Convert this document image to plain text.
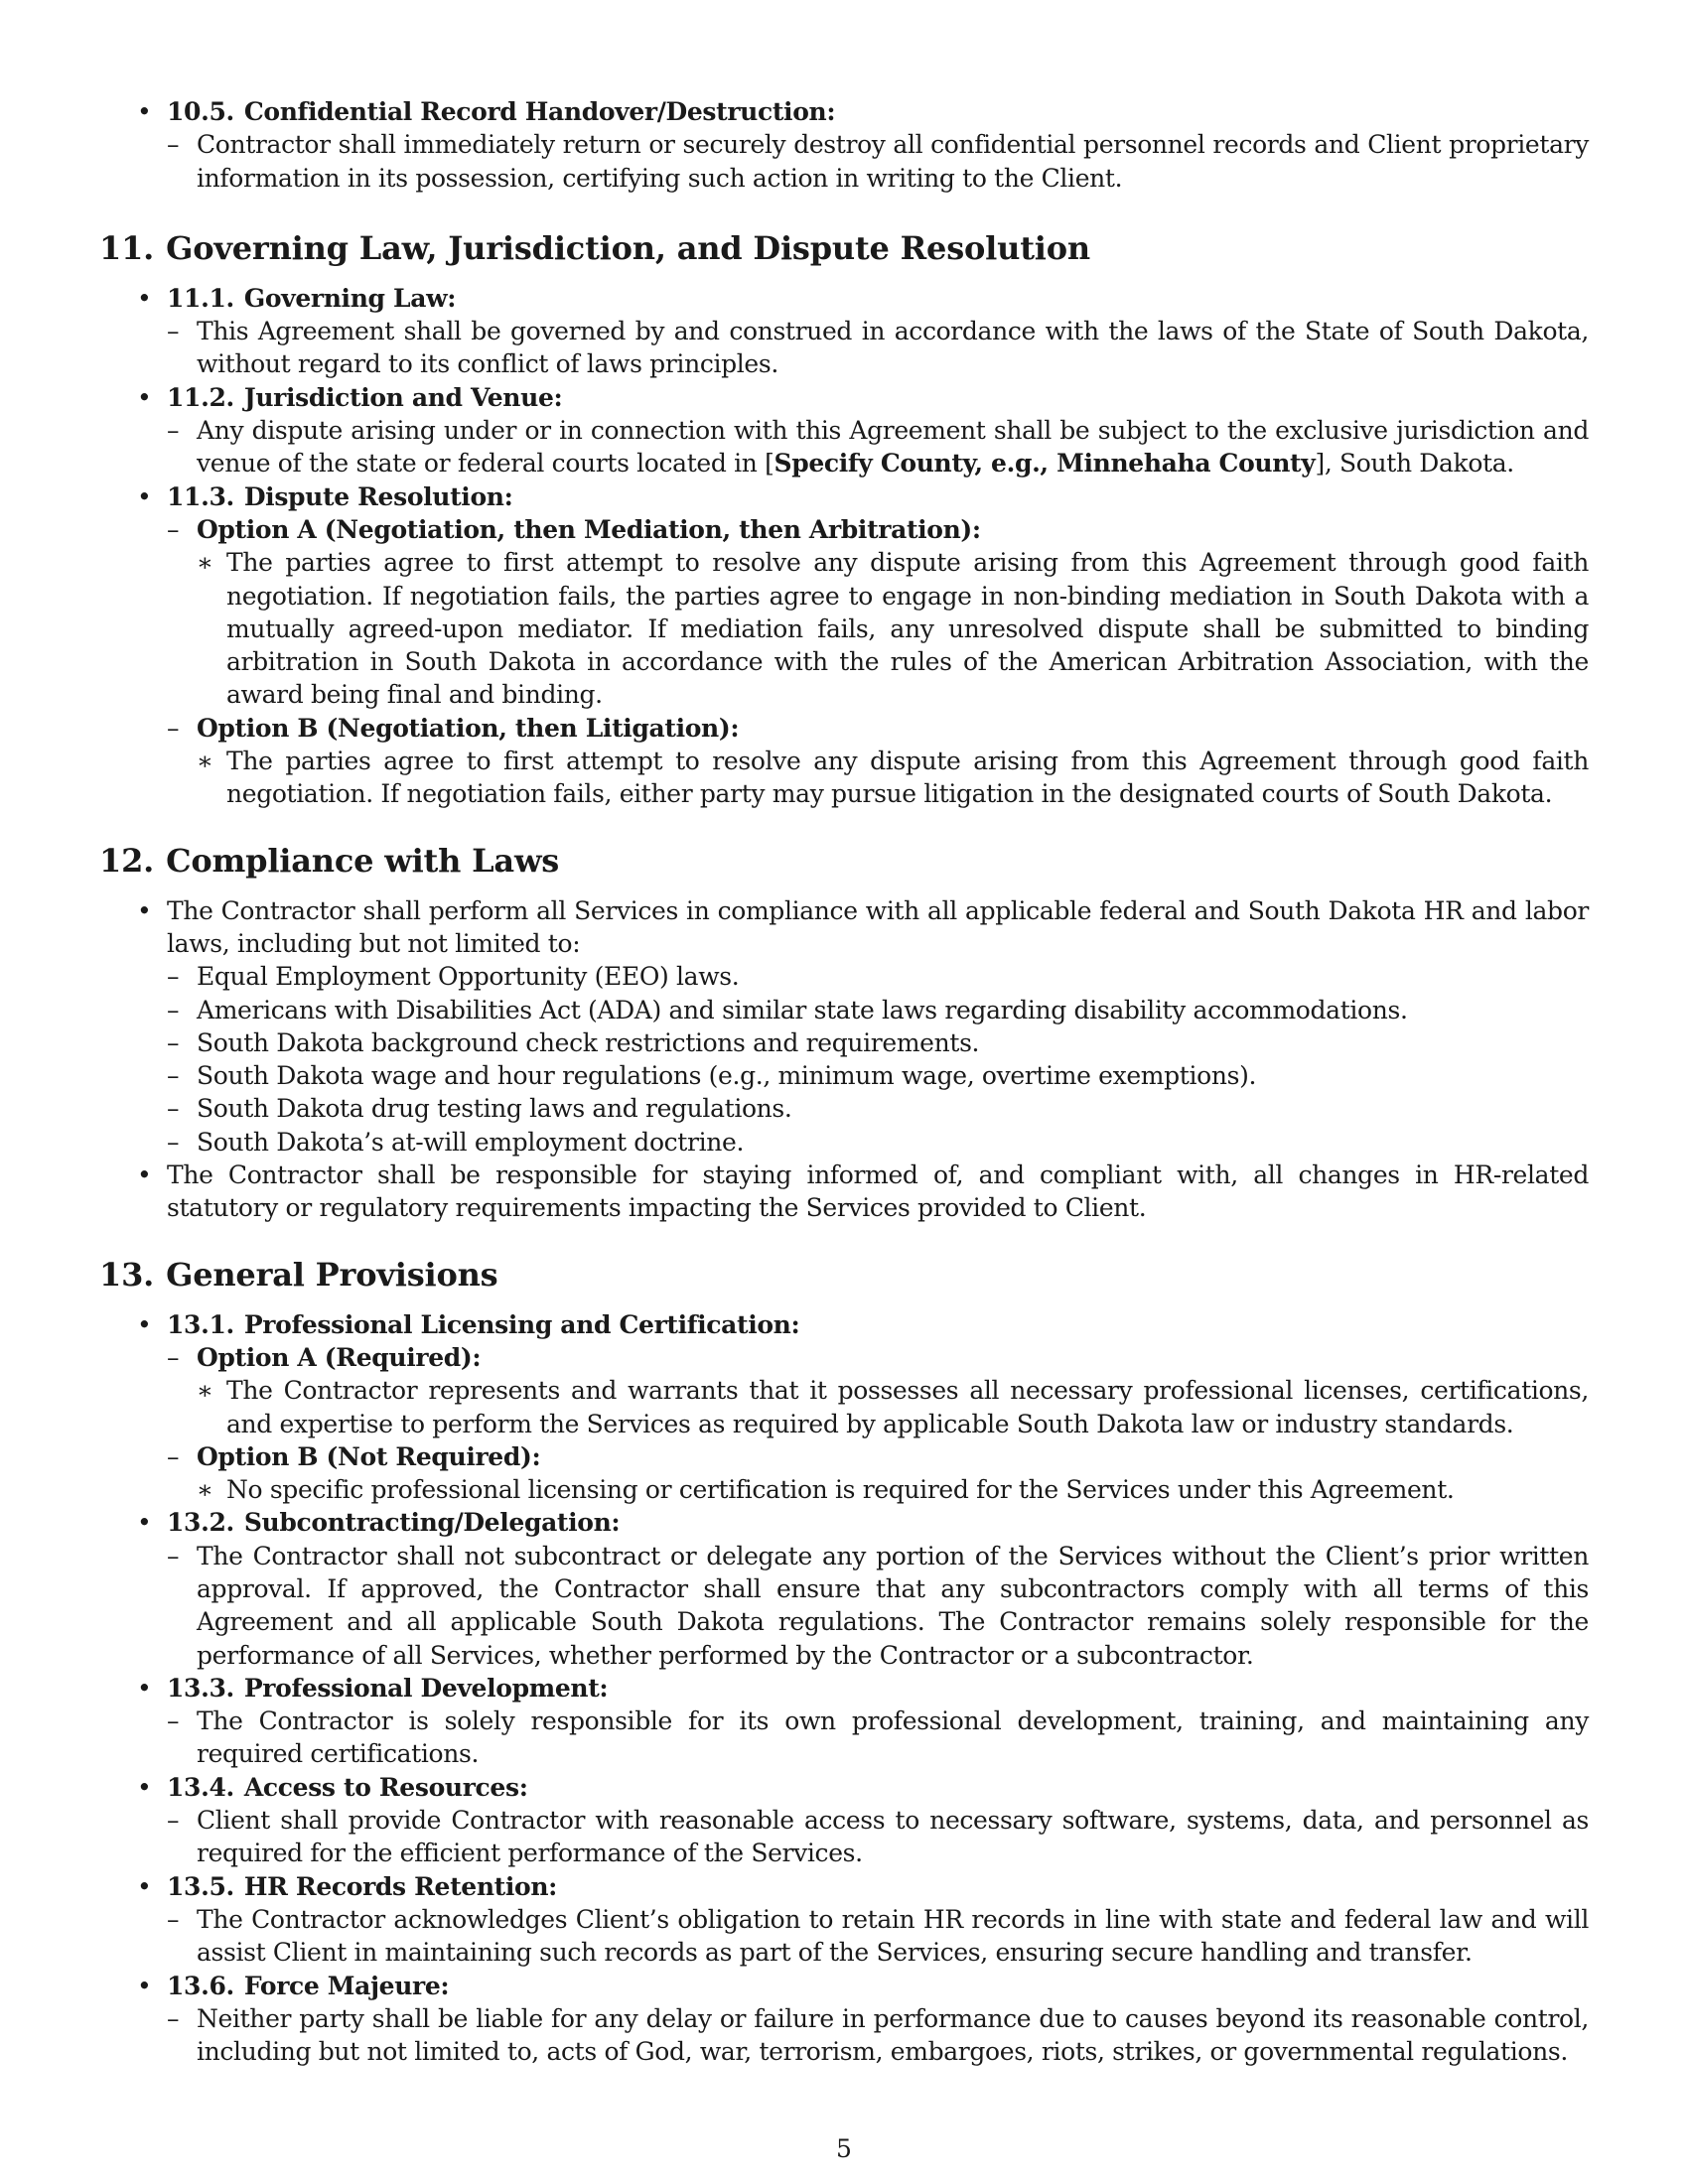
• 10.5. Confidential Record Handover/Destruction:
– Contractor shall immediately return or securely destroy all confidential personnel records and Client proprietary information in its possession, certifying such action in writing to the Client.
11. Governing Law, Jurisdiction, and Dispute Resolution
• 11.1. Governing Law:
– This Agreement shall be governed by and construed in accordance with the laws of the State of South Dakota, without regard to its conflict of laws principles.
• 11.2. Jurisdiction and Venue:
– Any dispute arising under or in connection with this Agreement shall be subject to the exclusive jurisdiction and venue of the state or federal courts located in [Specify County, e.g., Minnehaha County], South Dakota.
• 11.3. Dispute Resolution:
– Option A (Negotiation, then Mediation, then Arbitration):
∗ The parties agree to first attempt to resolve any dispute arising from this Agreement through good faith negotiation. If negotiation fails, the parties agree to engage in non-binding mediation in South Dakota with a mutually agreed-upon mediator. If mediation fails, any unresolved dispute shall be submitted to binding arbitration in South Dakota in accordance with the rules of the American Arbitration Association, with the award being final and binding.
– Option B (Negotiation, then Litigation):
∗ The parties agree to first attempt to resolve any dispute arising from this Agreement through good faith negotiation. If negotiation fails, either party may pursue litigation in the designated courts of South Dakota.
12. Compliance with Laws
• The Contractor shall perform all Services in compliance with all applicable federal and South Dakota HR and labor laws, including but not limited to:
– Equal Employment Opportunity (EEO) laws.
– Americans with Disabilities Act (ADA) and similar state laws regarding disability accommodations.
– South Dakota background check restrictions and requirements.
– South Dakota wage and hour regulations (e.g., minimum wage, overtime exemptions).
– South Dakota drug testing laws and regulations.
– South Dakota’s at-will employment doctrine.
• The Contractor shall be responsible for staying informed of, and compliant with, all changes in HR-related statutory or regulatory requirements impacting the Services provided to Client.
13. General Provisions
• 13.1. Professional Licensing and Certification:
– Option A (Required):
∗ The Contractor represents and warrants that it possesses all necessary professional licenses, certifications, and expertise to perform the Services as required by applicable South Dakota law or industry standards.
– Option B (Not Required):
∗ No specific professional licensing or certification is required for the Services under this Agreement.
• 13.2. Subcontracting/Delegation:
– The Contractor shall not subcontract or delegate any portion of the Services without the Client’s prior written approval. If approved, the Contractor shall ensure that any subcontractors comply with all terms of this Agreement and all applicable South Dakota regulations. The Contractor remains solely responsible for the performance of all Services, whether performed by the Contractor or a subcontractor.
• 13.3. Professional Development:
– The Contractor is solely responsible for its own professional development, training, and maintaining any required certifications.
• 13.4. Access to Resources:
– Client shall provide Contractor with reasonable access to necessary software, systems, data, and personnel as required for the efficient performance of the Services.
• 13.5. HR Records Retention:
– The Contractor acknowledges Client’s obligation to retain HR records in line with state and federal law and will assist Client in maintaining such records as part of the Services, ensuring secure handling and transfer.
• 13.6. Force Majeure:
– Neither party shall be liable for any delay or failure in performance due to causes beyond its reasonable control, including but not limited to, acts of God, war, terrorism, embargoes, riots, strikes, or governmental regulations.
5
